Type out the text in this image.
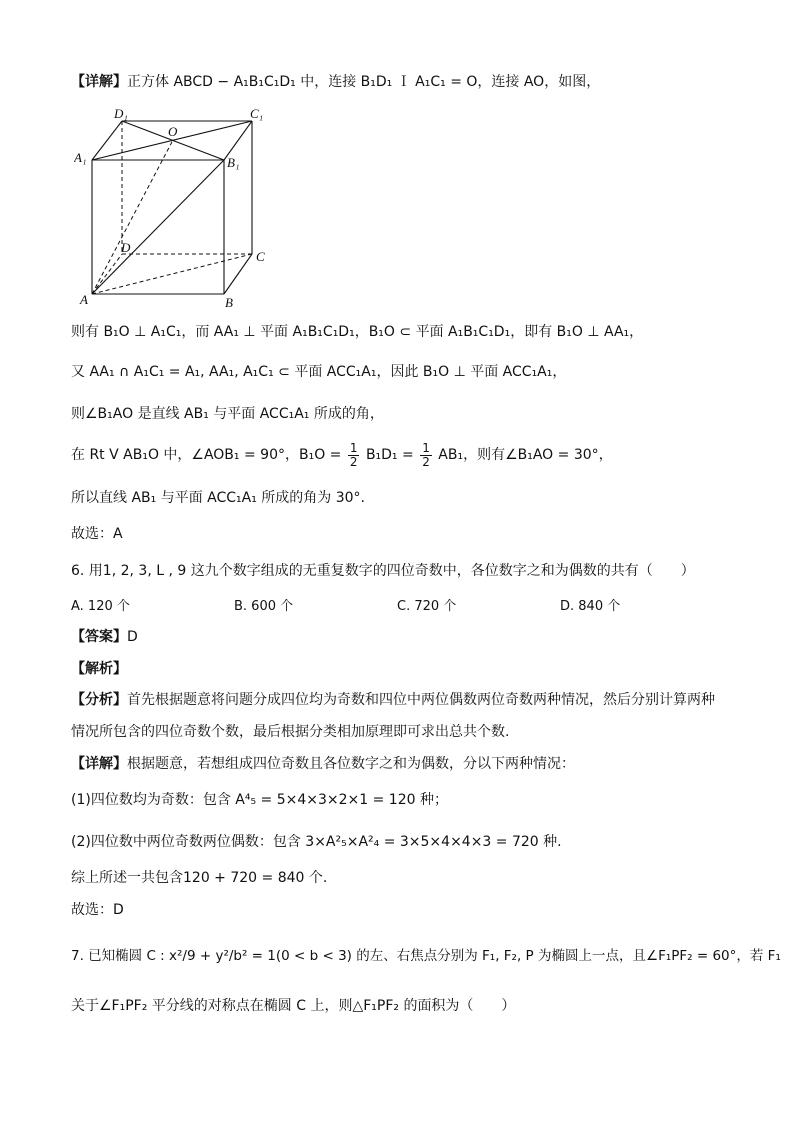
【详解】正方体 ABCD − A₁B₁C₁D₁ 中，连接 B₁D₁ Ｉ A₁C₁ = O，连接 AO，如图，
D₁	C₁
O
A₁	B₁
D
C
A	B
则有 B₁O ⊥ A₁C₁，而 AA₁ ⊥ 平面 A₁B₁C₁D₁，B₁O ⊂ 平面 A₁B₁C₁D₁，即有 B₁O ⊥ AA₁，
又 AA₁ ∩ A₁C₁ = A₁, AA₁, A₁C₁ ⊂ 平面 ACC₁A₁，因此 B₁O ⊥ 平面 ACC₁A₁，
则∠B₁AO 是直线 AB₁ 与平面 ACC₁A₁ 所成的角，
在 Rt V AB₁O 中，∠AOB₁ = 90°，$B_1O = \frac{1}{2} B_1D_1 = \frac{1}{2} AB_1$，则有∠B₁AO = 30°，
所以直线 AB₁ 与平面 ACC₁A₁ 所成的角为 30°.
故选：A
6. 用1, 2, 3, L , 9 这九个数字组成的无重复数字的四位奇数中，各位数字之和为偶数的共有（　　）
A. 120 个	B. 600 个	C. 720 个	D. 840 个
【答案】D
【解析】
【分析】首先根据题意将问题分成四位均为奇数和四位中两位偶数两位奇数两种情况，然后分别计算两种
情况所包含的四位奇数个数，最后根据分类相加原理即可求出总共个数.
【详解】根据题意，若想组成四位奇数且各位数字之和为偶数，分以下两种情况：
(1)四位数均为奇数：包含 A⁴₅ = 5×4×3×2×1 = 120 种；
(2)四位数中两位奇数两位偶数：包含 3×A²₅×A²₄ = 3×5×4×4×3 = 720 种.
综上所述一共包含120 + 720 = 840 个.
故选：D
7. 已知椭圆 C : x²/9 + y²/b² = 1(0 < b < 3) 的左、右焦点分别为 F₁, F₂, P 为椭圆上一点，且∠F₁PF₂ = 60°，若 F₁
关于∠F₁PF₂ 平分线的对称点在椭圆 C 上，则△F₁PF₂ 的面积为（　　）
